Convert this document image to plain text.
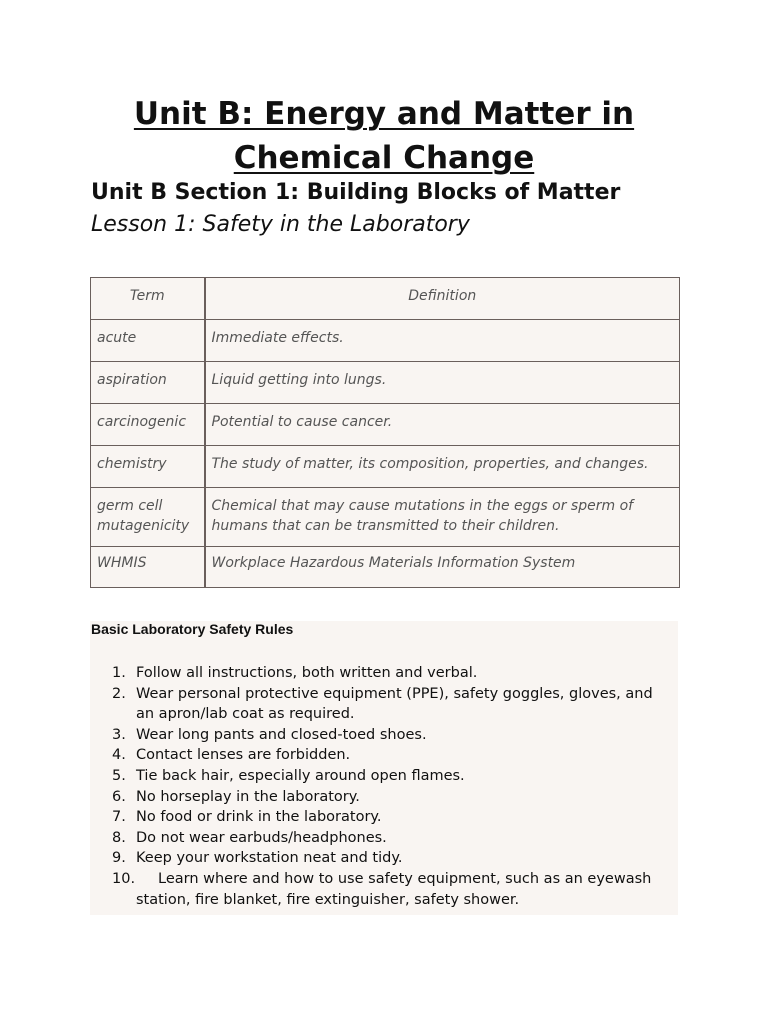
Unit B: Energy and Matter in
Chemical Change
Unit B Section 1: Building Blocks of Matter
Lesson 1: Safety in the Laboratory
Term	Definition
acute	Immediate effects.
aspiration	Liquid getting into lungs.
carcinogenic	Potential to cause cancer.
chemistry	The study of matter, its composition, properties, and changes.
germ cell mutagenicity	Chemical that may cause mutations in the eggs or sperm of humans that can be transmitted to their children.
WHMIS	Workplace Hazardous Materials Information System
Basic Laboratory Safety Rules
1. Follow all instructions, both written and verbal.
2. Wear personal protective equipment (PPE), safety goggles, gloves, and an apron/lab coat as required.
3. Wear long pants and closed-toed shoes.
4. Contact lenses are forbidden.
5. Tie back hair, especially around open flames.
6. No horseplay in the laboratory.
7. No food or drink in the laboratory.
8. Do not wear earbuds/headphones.
9. Keep your workstation neat and tidy.
10.	Learn where and how to use safety equipment, such as an eyewash station, fire blanket, fire extinguisher, safety shower.
